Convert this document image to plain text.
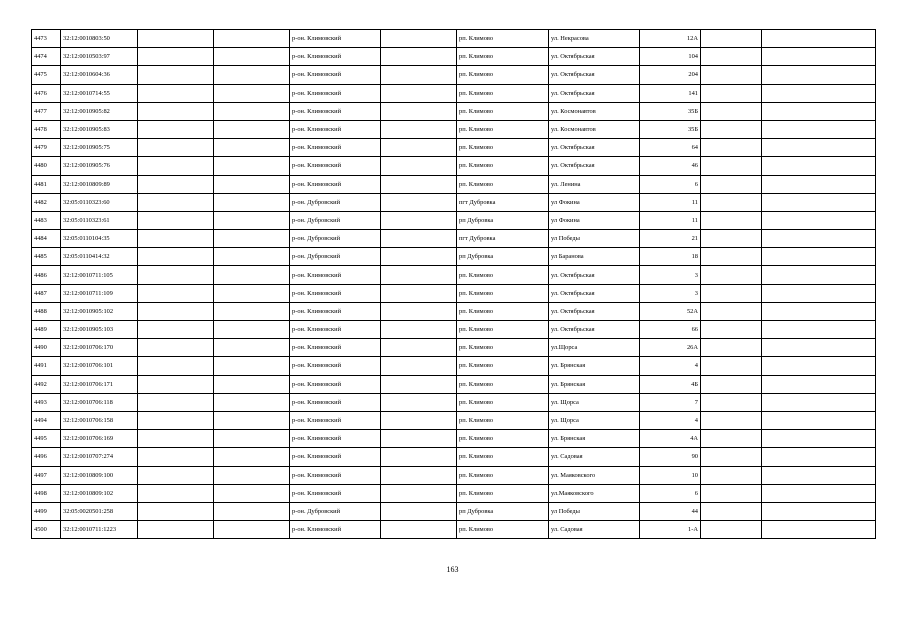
4473	32:12:0010803:50			р-он. Климовский		рп. Климово	ул. Некрасова	12А		
4474	32:12:0010503:97			р-он. Климовский		рп. Климово	ул. Октябрьская	104		
4475	32:12:0010604:36			р-он. Климовский		рп. Климово	ул. Октябрьская	204		
4476	32:12:0010714:55			р-он. Климовский		рп. Климово	ул. Октябрьская	141		
4477	32:12:0010905:82			р-он. Климовский		рп. Климово	ул. Космонавтов	35Б		
4478	32:12:0010905:83			р-он. Климовский		рп. Климово	ул. Космонавтов	35Б		
4479	32:12:0010905:75			р-он. Климовский		рп. Климово	ул. Октябрьская	64		
4480	32:12:0010905:76			р-он. Климовский		рп. Климово	ул. Октябрьская	46		
4481	32:12:0010809:89			р-он. Климовский		рп. Климово	ул. Ленина	6		
4482	32:05:0110323:60			р-он. Дубровский		пгт Дубровка	ул Фокина	11		
4483	32:05:0110323:61			р-он. Дубровский		рп Дубровка	ул Фокина	11		
4484	32:05:0110104:35			р-он. Дубровский		пгт Дубровка	ул Победы	21		
4485	32:05:0110414:32			р-он. Дубровский		рп Дубровка	ул Баранова	18		
4486	32:12:0010711:105			р-он. Климовский		рп. Климово	ул. Октябрьская	3		
4487	32:12:0010711:109			р-он. Климовский		рп. Климово	ул. Октябрьская	3		
4488	32:12:0010905:102			р-он. Климовский		рп. Климово	ул. Октябрьская	52А		
4489	32:12:0010905:103			р-он. Климовский		рп. Климово	ул. Октябрьская	66		
4490	32:12:0010706:170			р-он. Климовский		рп. Климово	ул.Щорса	26А		
4491	32:12:0010706:101			р-он. Климовский		рп. Климово	ул. Брянская	4		
4492	32:12:0010706:171			р-он. Климовский		рп. Климово	ул. Брянская	4Б		
4493	32:12:0010706:118			р-он. Климовский		рп. Климово	ул. Щорса	7		
4494	32:12:0010706:158			р-он. Климовский		рп. Климово	ул. Щорса	4		
4495	32:12:0010706:169			р-он. Климовский		рп. Климово	ул. Брянская	4А		
4496	32:12:0010707:274			р-он. Климовский		рп. Климово	ул. Садовая	90		
4497	32:12:0010809:100			р-он. Климовский		рп. Климово	ул. Маяковского	10		
4498	32:12:0010809:102			р-он. Климовский		рп. Климово	ул.Маяковского	6		
4499	32:05:0020501:258			р-он. Дубровский		рп Дубровка	ул Победы	44		
4500	32:12:0010711:1223			р-он. Климовский		рп. Климово	ул. Садовая	1-А		
163
